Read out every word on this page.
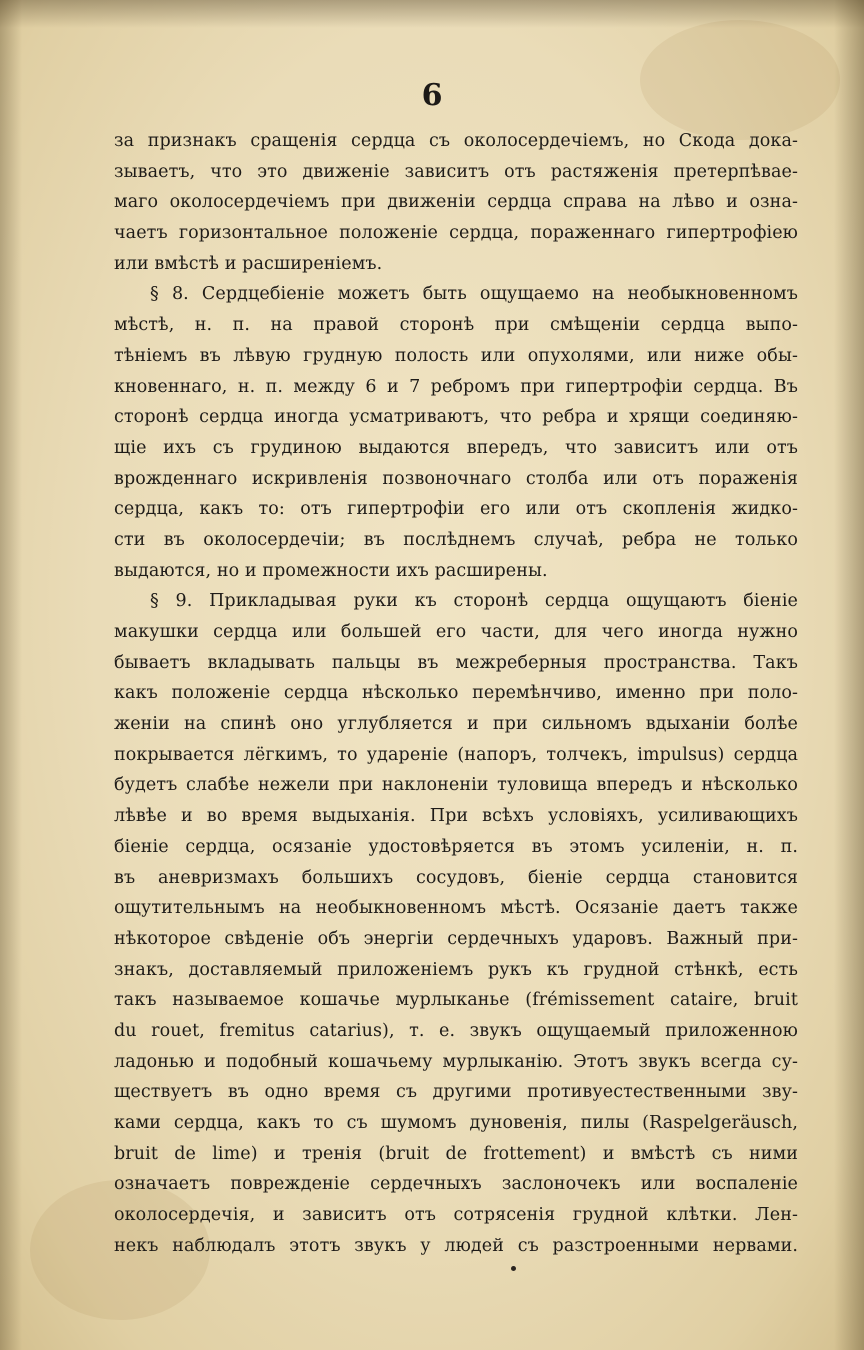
6
за признакъ сращенія сердца съ околосердечіемъ, но Скода дока-
зываетъ, что это движеніе зависитъ отъ растяженія претерпѣвае-
маго околосердечіемъ при движеніи сердца справа на лѣво и озна-
чаетъ горизонтальное положеніе сердца, пораженнаго гипертрофіею
или вмѣстѣ и расширеніемъ.
§ 8. Сердцебіеніе можетъ быть ощущаемо на необыкновенномъ
мѣстѣ, н. п. на правой сторонѣ при смѣщеніи сердца выпо-
тѣніемъ въ лѣвую грудную полость или опухолями, или ниже обы-
кновеннаго, н. п. между 6 и 7 ребромъ при гипертрофіи сердца. Въ
сторонѣ сердца иногда усматриваютъ, что ребра и хрящи соединяю-
щіе ихъ съ грудиною выдаются впередъ, что зависитъ или отъ
врожденнаго искривленія позвоночнаго столба или отъ пораженія
сердца, какъ то: отъ гипертрофіи его или отъ скопленія жидко-
сти въ околосердечіи; въ послѣднемъ случаѣ, ребра не только
выдаются, но и промежности ихъ расширены.
§ 9. Прикладывая руки къ сторонѣ сердца ощущаютъ біеніе
макушки сердца или большей его части, для чего иногда нужно
бываетъ вкладывать пальцы въ межреберныя пространства. Такъ
какъ положеніе сердца нѣсколько перемѣнчиво, именно при поло-
женіи на спинѣ оно углубляется и при сильномъ вдыханіи болѣе
покрывается лёгкимъ, то удареніе (напоръ, толчекъ, impulsus) сердца
будетъ слабѣе нежели при наклоненіи туловища впередъ и нѣсколько
лѣвѣе и во время выдыханія. При всѣхъ условіяхъ, усиливающихъ
біеніе сердца, осязаніе удостовѣряется въ этомъ усиленіи, н. п.
въ аневризмахъ большихъ сосудовъ, біеніе сердца становится
ощутительнымъ на необыкновенномъ мѣстѣ. Осязаніе даетъ также
нѣкоторое свѣденіе объ энергіи сердечныхъ ударовъ. Важный при-
знакъ, доставляемый приложеніемъ рукъ къ грудной стѣнкѣ, есть
такъ называемое кошачье мурлыканье (frémissement cataire, bruit
du rouet, fremitus catarius), т. е. звукъ ощущаемый приложенною
ладонью и подобный кошачьему мурлыканію. Этотъ звукъ всегда су-
ществуетъ въ одно время съ другими противуестественными зву-
ками сердца, какъ то съ шумомъ дуновенія, пилы (Raspelgeräusch,
bruit de lime) и тренія (bruit de frottement) и вмѣстѣ съ ними
означаетъ поврежденіе сердечныхъ заслоночекъ или воспаленіе
околосердечія, и зависитъ отъ сотрясенія грудной клѣтки. Лен-
некъ наблюдалъ этотъ звукъ у людей съ разстроенными нервами.
